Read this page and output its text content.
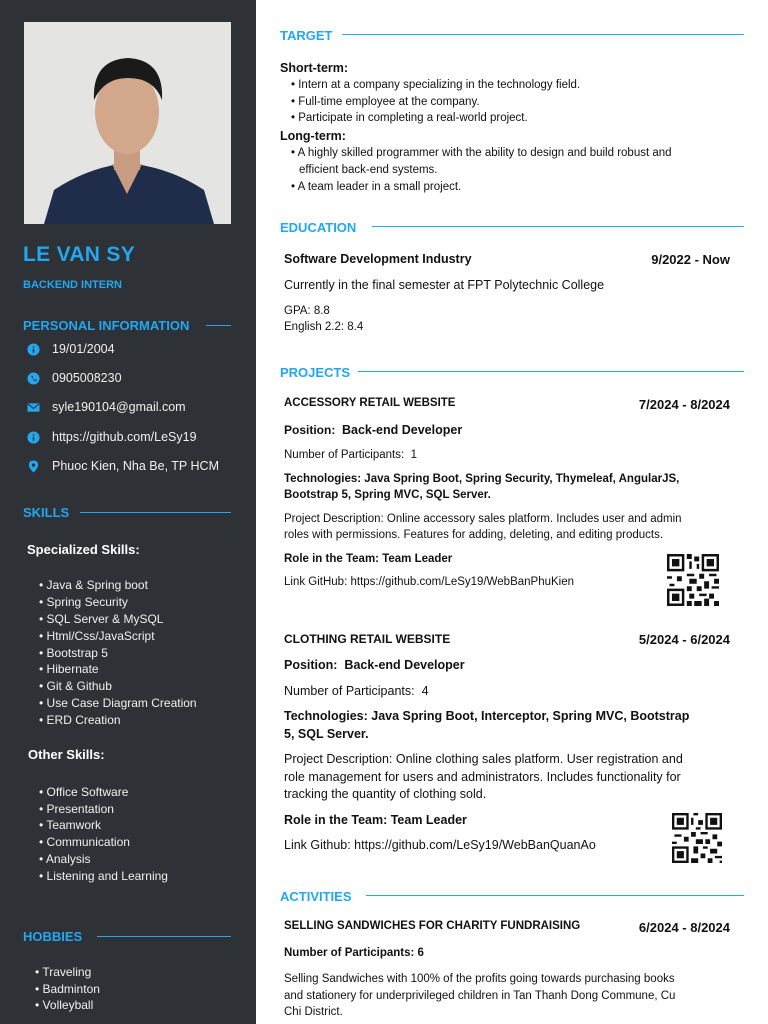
LE VAN SY
BACKEND INTERN
PERSONAL INFORMATION
19/01/2004
0905008230
syle190104@gmail.com
https://github.com/LeSy19
Phuoc Kien, Nha Be, TP HCM
SKILLS
Specialized Skills:
• Java & Spring boot
• Spring Security
• SQL Server & MySQL
• Html/Css/JavaScript
• Bootstrap 5
• Hibernate
• Git & Github
• Use Case Diagram Creation
• ERD Creation
Other Skills:
• Office Software
• Presentation
• Teamwork
• Communication
• Analysis
• Listening and Learning
HOBBIES
• Traveling
• Badminton
• Volleyball
TARGET
Short-term:
• Intern at a company specializing in the technology field.
• Full-time employee at the company.
• Participate in completing a real-world project.
Long-term:
• A highly skilled programmer with the ability to design and build robust and
efficient back-end systems.
• A team leader in a small project.
EDUCATION
Software Development Industry	9/2022 - Now
Currently in the final semester at FPT Polytechnic College
GPA: 8.8
English 2.2: 8.4
PROJECTS
ACCESSORY RETAIL WEBSITE	7/2024 - 8/2024
Position: Back-end Developer
Number of Participants: 1
Technologies: Java Spring Boot, Spring Security, Thymeleaf, AngularJS,
Bootstrap 5, Spring MVC, SQL Server.
Project Description: Online accessory sales platform. Includes user and admin
roles with permissions. Features for adding, deleting, and editing products.
Role in the Team: Team Leader
Link GitHub: https://github.com/LeSy19/WebBanPhuKien
CLOTHING RETAIL WEBSITE	5/2024 - 6/2024
Position: Back-end Developer
Number of Participants: 4
Technologies: Java Spring Boot, Interceptor, Spring MVC, Bootstrap
5, SQL Server.
Project Description: Online clothing sales platform. User registration and
role management for users and administrators. Includes functionality for
tracking the quantity of clothing sold.
Role in the Team: Team Leader
Link Github: https://github.com/LeSy19/WebBanQuanAo
ACTIVITIES
SELLING SANDWICHES FOR CHARITY FUNDRAISING	6/2024 - 8/2024
Number of Participants: 6
Selling Sandwiches with 100% of the profits going towards purchasing books
and stationery for underprivileged children in Tan Thanh Dong Commune, Cu
Chi District.
